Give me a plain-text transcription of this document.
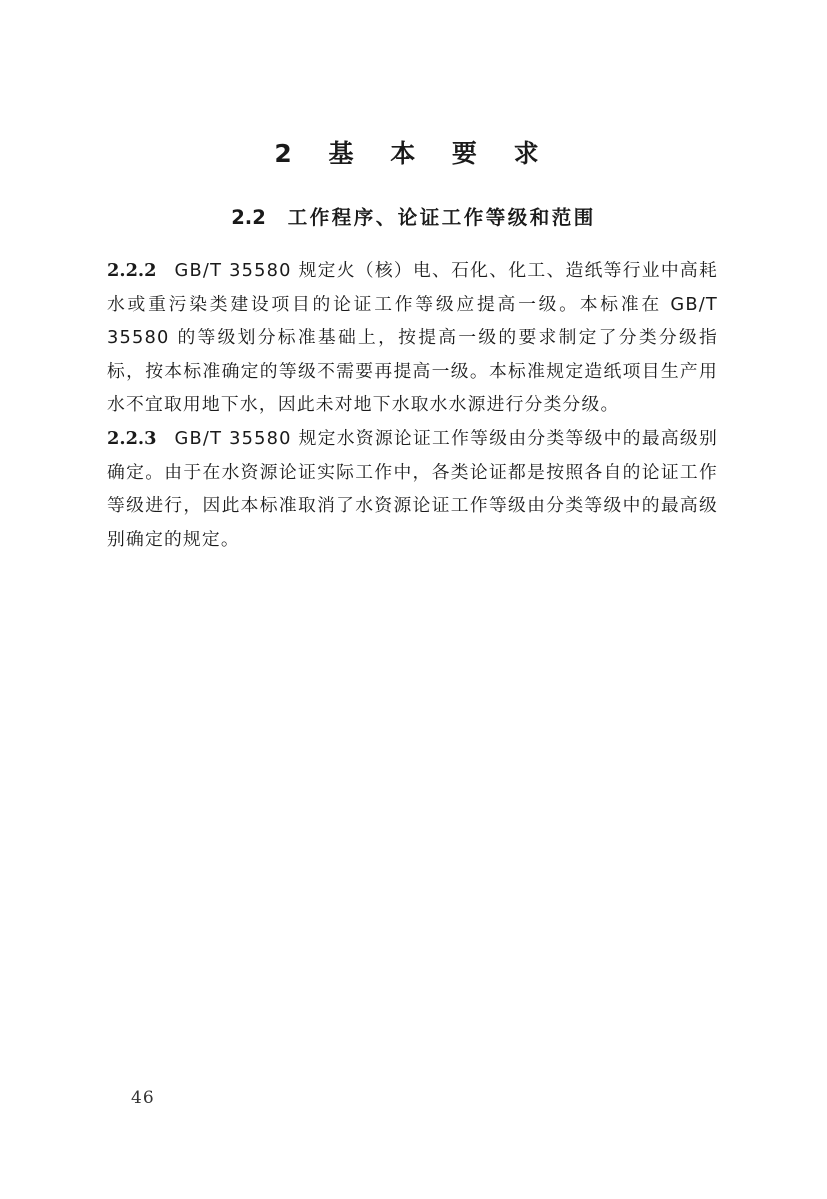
2 基 本 要 求
2.2 工作程序、论证工作等级和范围

2.2.2 GB/T 35580 规定火（核）电、石化、化工、造纸等行业中高耗水或重污染类建设项目的论证工作等级应提高一级。本标准在 GB/T 35580 的等级划分标准基础上，按提高一级的要求制定了分类分级指标，按本标准确定的等级不需要再提高一级。本标准规定造纸项目生产用水不宜取用地下水，因此未对地下水取水水源进行分类分级。

2.2.3 GB/T 35580 规定水资源论证工作等级由分类等级中的最高级别确定。由于在水资源论证实际工作中，各类论证都是按照各自的论证工作等级进行，因此本标准取消了水资源论证工作等级由分类等级中的最高级别确定的规定。

46
